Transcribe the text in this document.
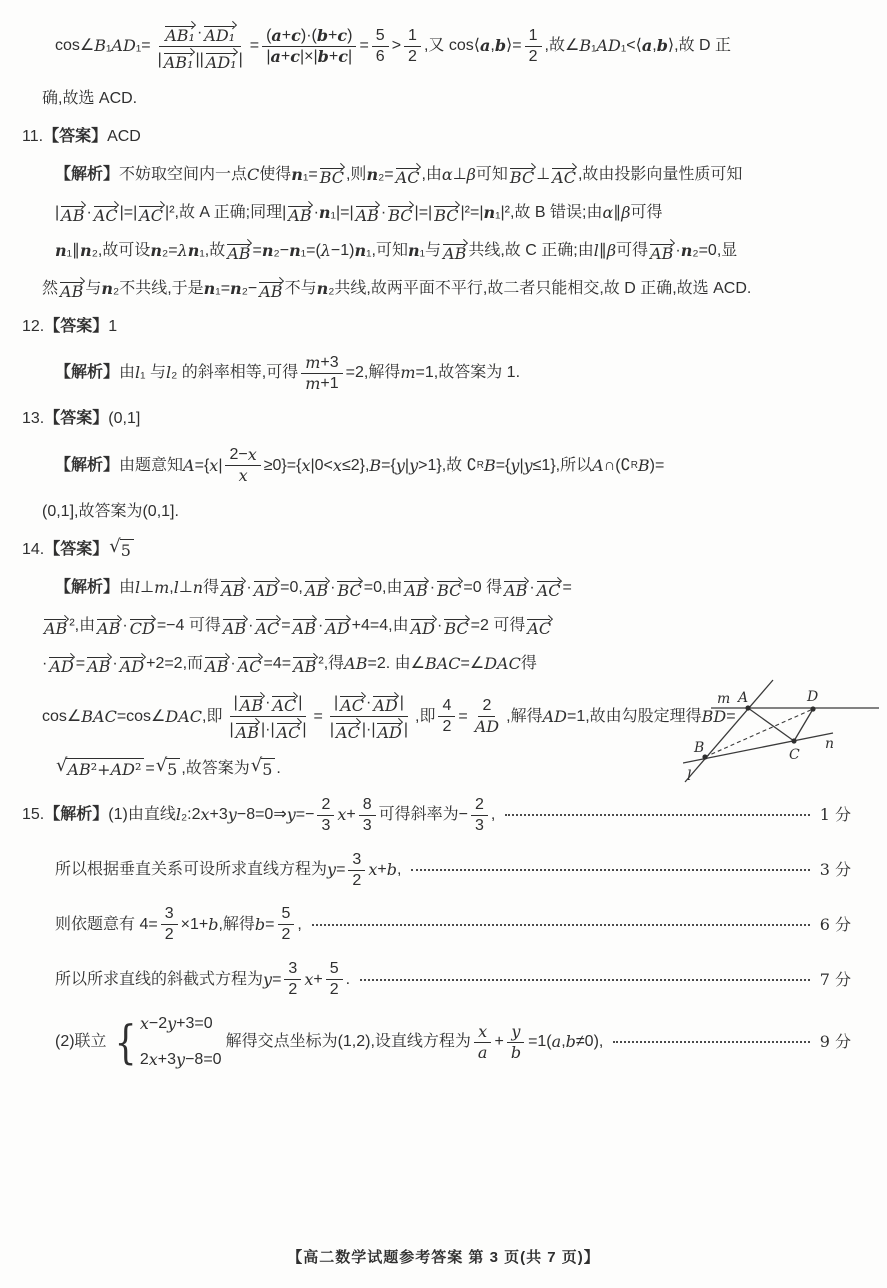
cos∠ B ₁ AD $_1= \frac{\text{AB₁ · AD₁}}{\text{| AB₁ || AD₁ |}} = \frac{( a + c )\cdot( b + c )}{| a + c |\times| b + c |} = \frac{5}{6} > \frac{1}{2}$ ,又 cos⟨ a , b ⟩= $\frac{1}{2}$ ,故∠ B ₁ AD ₁<⟨ a , b ⟩,故 D 正
确,故选 ACD.
11. 【答案】 ACD
【解析】 不妨取空间内一点 C 使得 n ₁= BC ,则 n ₂= AC ,由 α ⊥ β 可知 BC ⊥ AC ,故由投影向量性质可知
| AB · AC |=| AC |²,故 A 正确;同理| AB · n ₁|=| AB · BC |=| BC |²=| n ₁|²,故 B 错误;由 α ∥ β 可得
n ₁∥ n ₂,故可设 n ₂= λ n ₁,故 AB = n ₂− n ₁=( λ −1) n ₁,可知 n ₁与 AB 共线,故 C 正确;由 l ∥ β 可得 AB · n ₂=0,显
然 AB 与 n ₂不共线,于是 n ₁= n ₂− AB 不与 n ₂共线,故两平面不平行,故二者只能相交,故 D 正确,故选 ACD.
12. 【答案】 1
【解析】 由 l ₁ 与 l ₂ 的斜率相等,可得 $\frac{m +3}{m +1} =2$,解得 m =1,故答案为 1.
13. 【答案】 (0,1]
【解析】 由题意知 A ={ x | $\frac{2- x}{x} \ge 0\}=${ x |0< x ≤2}, B ={ y | y >1},故 ∁ R B ={ y | y ≤1},所以 A ∩(∁ R B )=
(0,1],故答案为(0,1].
14. 【答案】 √ 5
【解析】 由 l ⊥ m , l ⊥ n 得 AB · AD =0, AB · BC =0,由 AB · BC =0 得 AB · AC =
AB ²,由 AB · CD =−4 可得 AB · AC = AB · AD +4=4,由 AD · BC =2 可得 AC
· AD = AB · AD +2=2,而 AB · AC =4= AB ²,得 AB =2. 由∠ BAC =∠ DAC 得
cos∠ BAC =cos∠ DAC ,即 $\frac{| AB \cdot AC |}{| AB |\cdot| AC |} = \frac{| AC \cdot AD |}{| AC |\cdot| AD |}$ ,即 $\frac{4}{2} = \frac{2}{AD}$ ,解得 AD =1,故由勾股定理得 BD =
√ AB ²+ AD ² = √ 5 ,故答案为 √ 5 .
15. 【解析】 (1)由直线 l ₂:2 x +3 y −8=0⇒ $y =- \frac{2}{3}$ $x + \frac{8}{3}$ 可得斜率为− $\frac{2}{3}$ ,	1 分
所以根据垂直关系可设所求直线方程为 $y = \frac{3}{2}$ x + b ,	3 分
则依题意有 $4= \frac{3}{2} \times 1+ b$ ,解得 $b = \frac{5}{2}$ ,	6 分
所以所求直线的斜截式方程为 $y = \frac{3}{2}$ $x + \frac{5}{2}$ .	7 分
(2)联立 { x −2 y +3=0
2 x +3 y −8=0
解得交点坐标为(1,2),设直线方程为 $\frac{x}{a} + \frac{y}{b} =1$( a , b ≠0),	9 分
m A	D
B	C
n
l
【高二数学试题参考答案 第 3 页(共 7 页)】
